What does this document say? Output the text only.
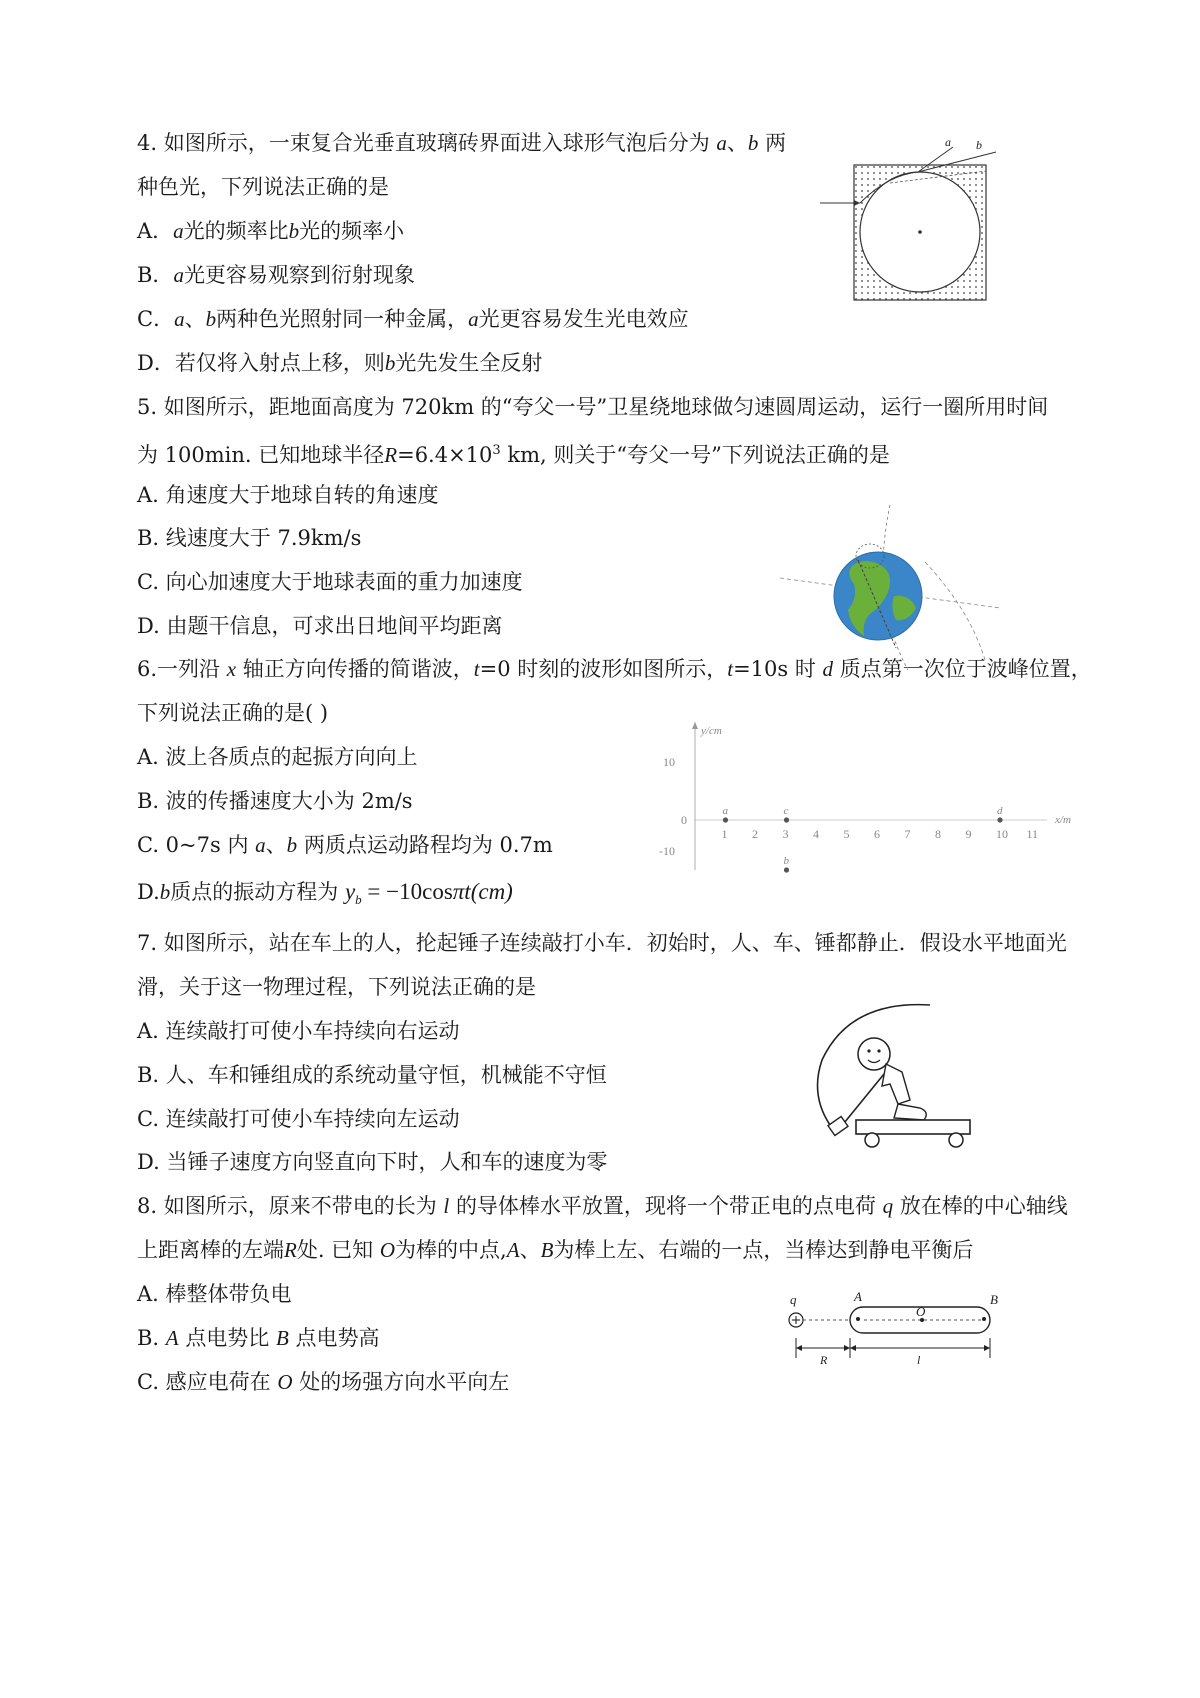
4. 如图所示，一束复合光垂直玻璃砖界面进入球形气泡后分为 a、b 两
种色光，下列说法正确的是
A．a光的频率比b光的频率小
B．a光更容易观察到衍射现象
C．a、b两种色光照射同一种金属，a光更容易发生光电效应
D．若仅将入射点上移，则b光先发生全反射
a b
5. 如图所示，距地面高度为 720km 的“夸父一号”卫星绕地球做匀速圆周运动，运行一圈所用时间
为 100min. 已知地球半径$R=6.4\times 10^3$ km, 则关于“夸父一号”下列说法正确的是
A. 角速度大于地球自转的角速度
B. 线速度大于 7.9km/s
C. 向心加速度大于地球表面的重力加速度
D. 由题干信息，可求出日地间平均距离
6.一列沿 x 轴正方向传播的简谐波，t=0 时刻的波形如图所示，t=10s 时 d 质点第一次位于波峰位置，
下列说法正确的是( )
A. 波上各质点的起振方向向上
B. 波的传播速度大小为 2m/s
C. 0~7s 内 a、b 两质点运动路程均为 0.7m
D.b质点的振动方程为 $y_b = -10\cos\pi t(cm)$
y/cm
x/m
10
-10
0
1 2 3 4 5 6 7 8 9 10 11
a
b
c	d
7. 如图所示，站在车上的人，抡起锤子连续敲打小车．初始时，人、车、锤都静止．假设水平地面光
滑，关于这一物理过程，下列说法正确的是
A. 连续敲打可使小车持续向右运动
B. 人、车和锤组成的系统动量守恒，机械能不守恒
C. 连续敲打可使小车持续向左运动
D. 当锤子速度方向竖直向下时，人和车的速度为零
8. 如图所示，原来不带电的长为 l 的导体棒水平放置，现将一个带正电的点电荷 q 放在棒的中心轴线
上距离棒的左端R处. 已知 O为棒的中点,A、B为棒上左、右端的一点，当棒达到静电平衡后
A. 棒整体带负电
B. A 点电势比 B 点电势高
C. 感应电荷在 O 处的场强方向水平向左
q	A
O
B
R	l
